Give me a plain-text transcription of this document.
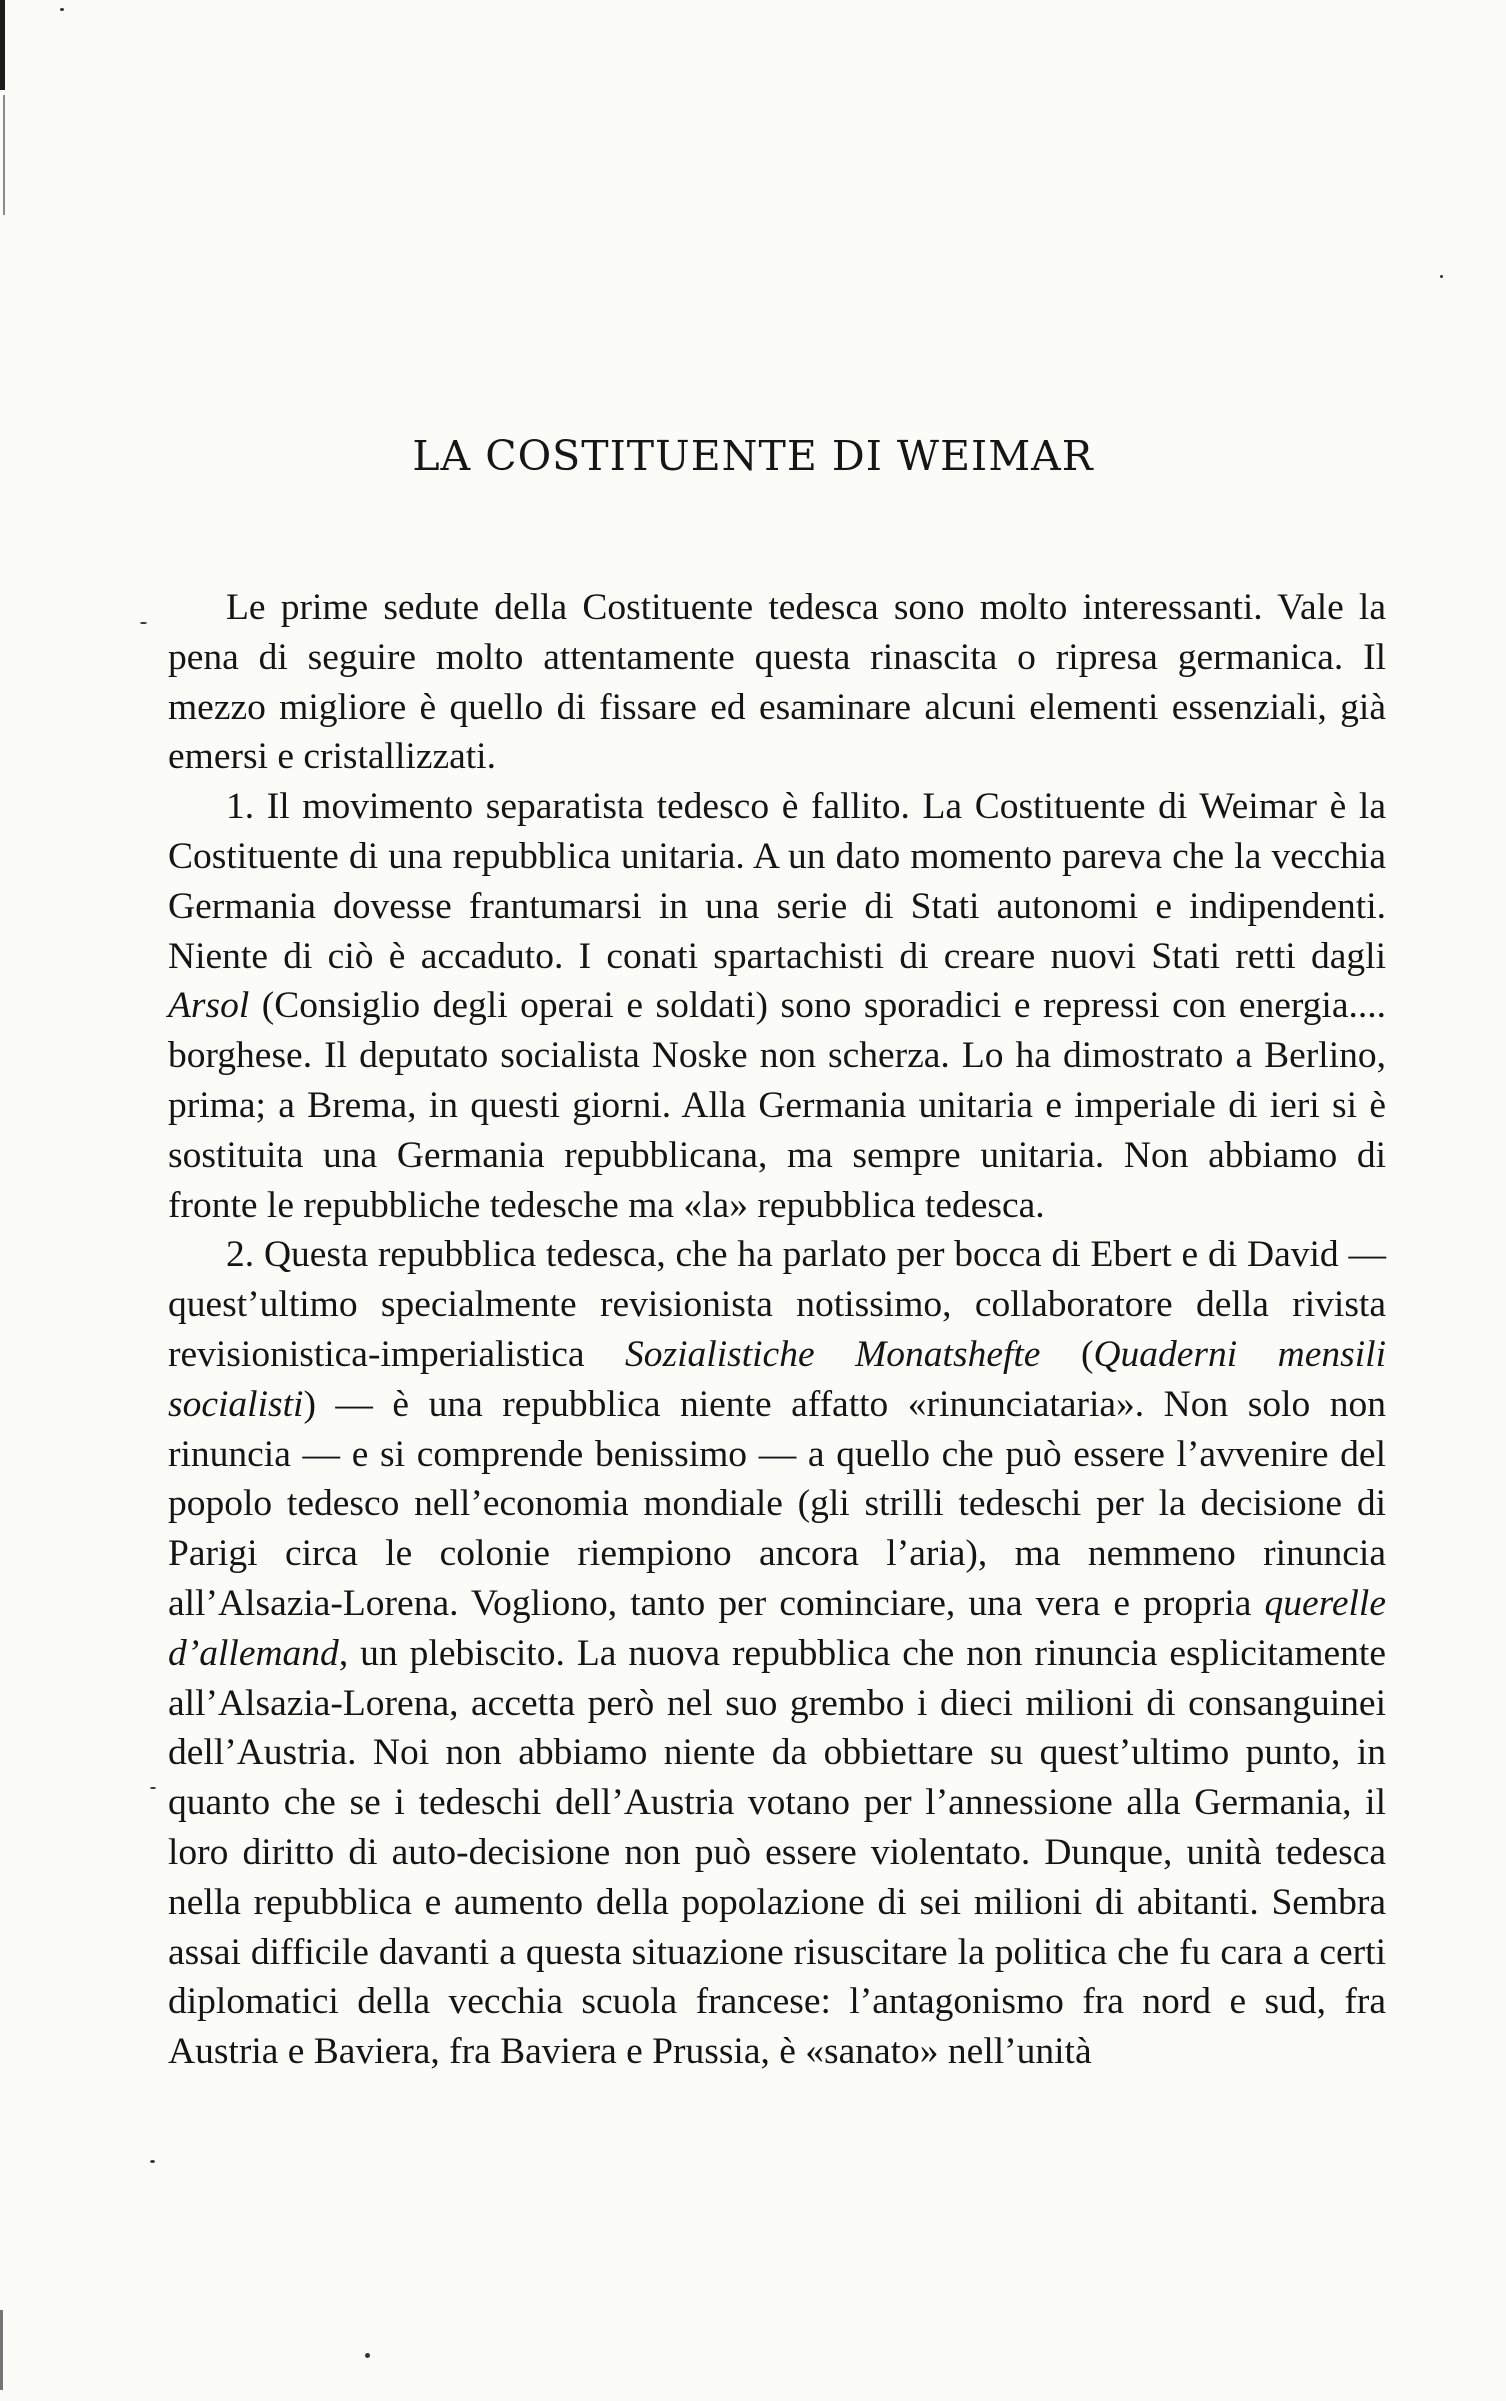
LA COSTITUENTE DI WEIMAR

Le prime sedute della Costituente tedesca sono molto interessanti. Vale la pena di seguire molto attentamente questa rinascita o ripresa germanica. Il mezzo migliore è quello di fissare ed esaminare alcuni elementi essenziali, già emersi e cristallizzati.

1. Il movimento separatista tedesco è fallito. La Costituente di Weimar è la Costituente di una repubblica unitaria. A un dato momento pareva che la vecchia Germania dovesse frantumarsi in una serie di Stati autonomi e indipendenti. Niente di ciò è accaduto. I conati spartachisti di creare nuovi Stati retti dagli Arsol (Consiglio degli operai e soldati) sono sporadici e repressi con energia.... borghese. Il deputato socialista Noske non scherza. Lo ha dimostrato a Berlino, prima; a Brema, in questi giorni. Alla Germania unitaria e imperiale di ieri si è sostituita una Germania repubblicana, ma sempre unitaria. Non abbiamo di fronte le repubbliche tedesche ma «la» repubblica tedesca.

2. Questa repubblica tedesca, che ha parlato per bocca di Ebert e di David — quest’ultimo specialmente revisionista notissimo, collaboratore della rivista revisionistica-imperialistica Sozialistiche Monatshefte (Quaderni mensili socialisti) — è una repubblica niente affatto «rinunciataria». Non solo non rinuncia — e si comprende benissimo — a quello che può essere l’avvenire del popolo tedesco nell’economia mondiale (gli strilli tedeschi per la decisione di Parigi circa le colonie riempiono ancora l’aria), ma nemmeno rinuncia all’Alsazia-Lorena. Vogliono, tanto per cominciare, una vera e propria querelle d’allemand, un plebiscito. La nuova repubblica che non rinuncia esplicitamente all’Alsazia-Lorena, accetta però nel suo grembo i dieci milioni di consanguinei dell’Austria. Noi non abbiamo niente da obbiettare su quest’ultimo punto, in quanto che se i tedeschi dell’Austria votano per l’annessione alla Germania, il loro diritto di auto-decisione non può essere violentato. Dunque, unità tedesca nella repubblica e aumento della popolazione di sei milioni di abitanti. Sembra assai difficile davanti a questa situazione risuscitare la politica che fu cara a certi diplomatici della vecchia scuola francese: l’antagonismo fra nord e sud, fra Austria e Baviera, fra Baviera e Prussia, è «sanato» nell’unità
